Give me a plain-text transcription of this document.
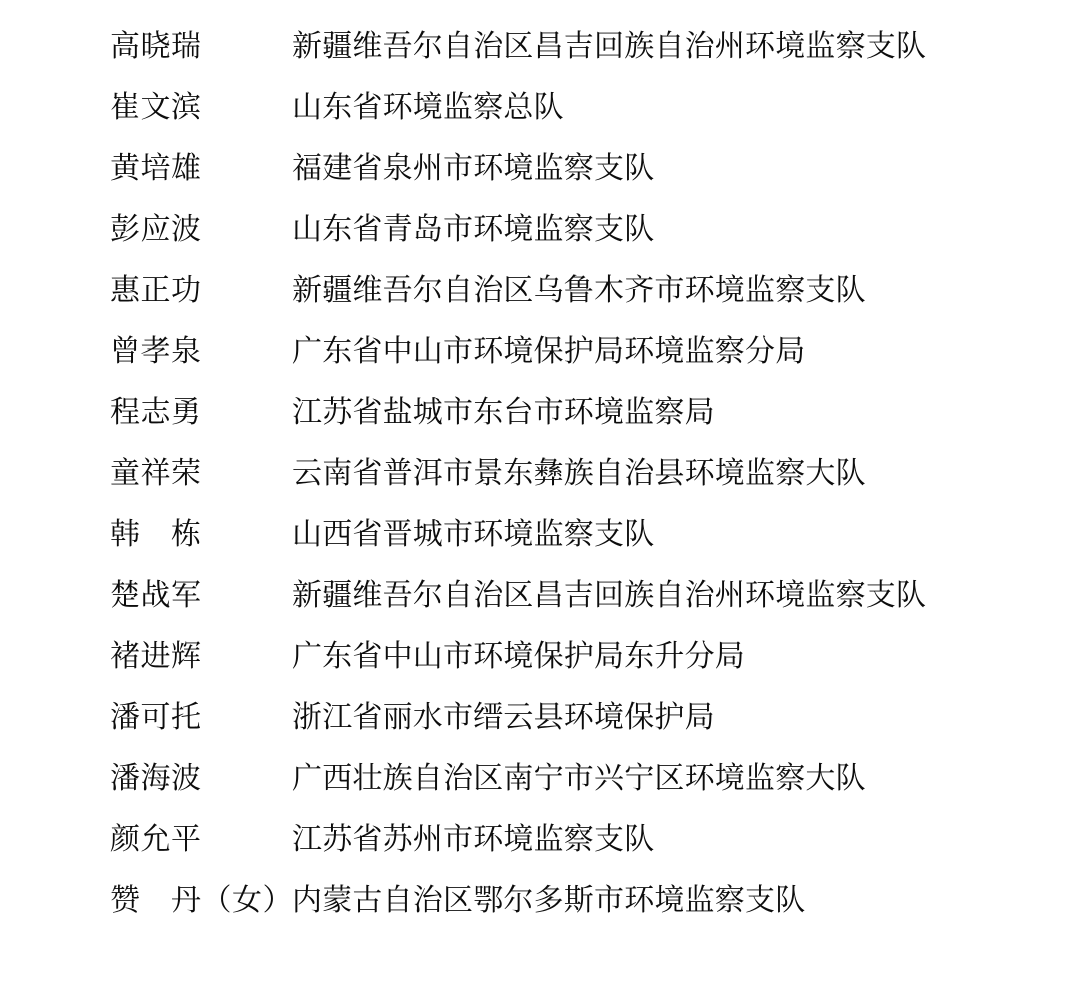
高晓瑞	新疆维吾尔自治区昌吉回族自治州环境监察支队
崔文滨	山东省环境监察总队
黄培雄	福建省泉州市环境监察支队
彭应波	山东省青岛市环境监察支队
惠正功	新疆维吾尔自治区乌鲁木齐市环境监察支队
曾孝泉	广东省中山市环境保护局环境监察分局
程志勇	江苏省盐城市东台市环境监察局
童祥荣	云南省普洱市景东彝族自治县环境监察大队
韩　栋	山西省晋城市环境监察支队
楚战军	新疆维吾尔自治区昌吉回族自治州环境监察支队
褚进辉	广东省中山市环境保护局东升分局
潘可托	浙江省丽水市缙云县环境保护局
潘海波	广西壮族自治区南宁市兴宁区环境监察大队
颜允平	江苏省苏州市环境监察支队
赞　丹（女） 内蒙古自治区鄂尔多斯市环境监察支队
